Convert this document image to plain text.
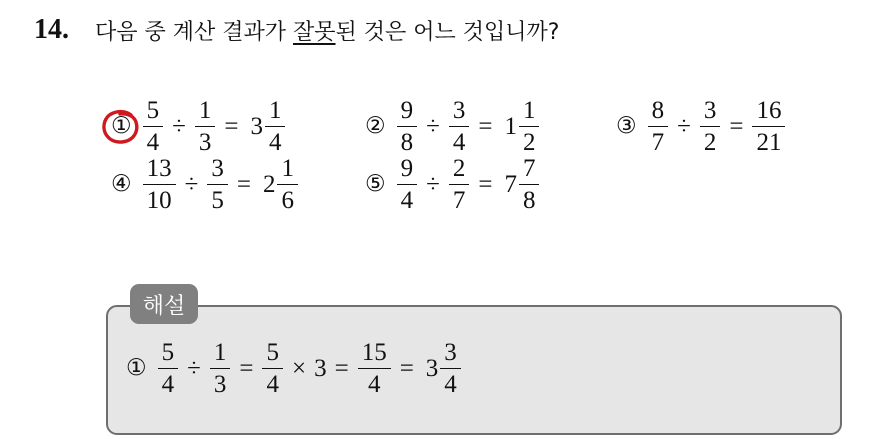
14. 다음 중 계산 결과가 잘못된 것은 어느 것입니까?
① $\frac{5}{4} \div \frac{1}{3} = 3 \frac{1}{4}$	② $\frac{9}{8} \div \frac{3}{4} = 1 \frac{1}{2}$	③ $\frac{8}{7} \div \frac{3}{2} = \frac{16}{21}$
④ $\frac{13}{10} \div \frac{3}{5} = 2 \frac{1}{6}$	⑤ $\frac{9}{4} \div \frac{2}{7} = 7 \frac{7}{8}$
해설
① $\frac{5}{4} \div \frac{1}{3} = \frac{5}{4} \times 3 = \frac{15}{4} = 3 \frac{3}{4}$
